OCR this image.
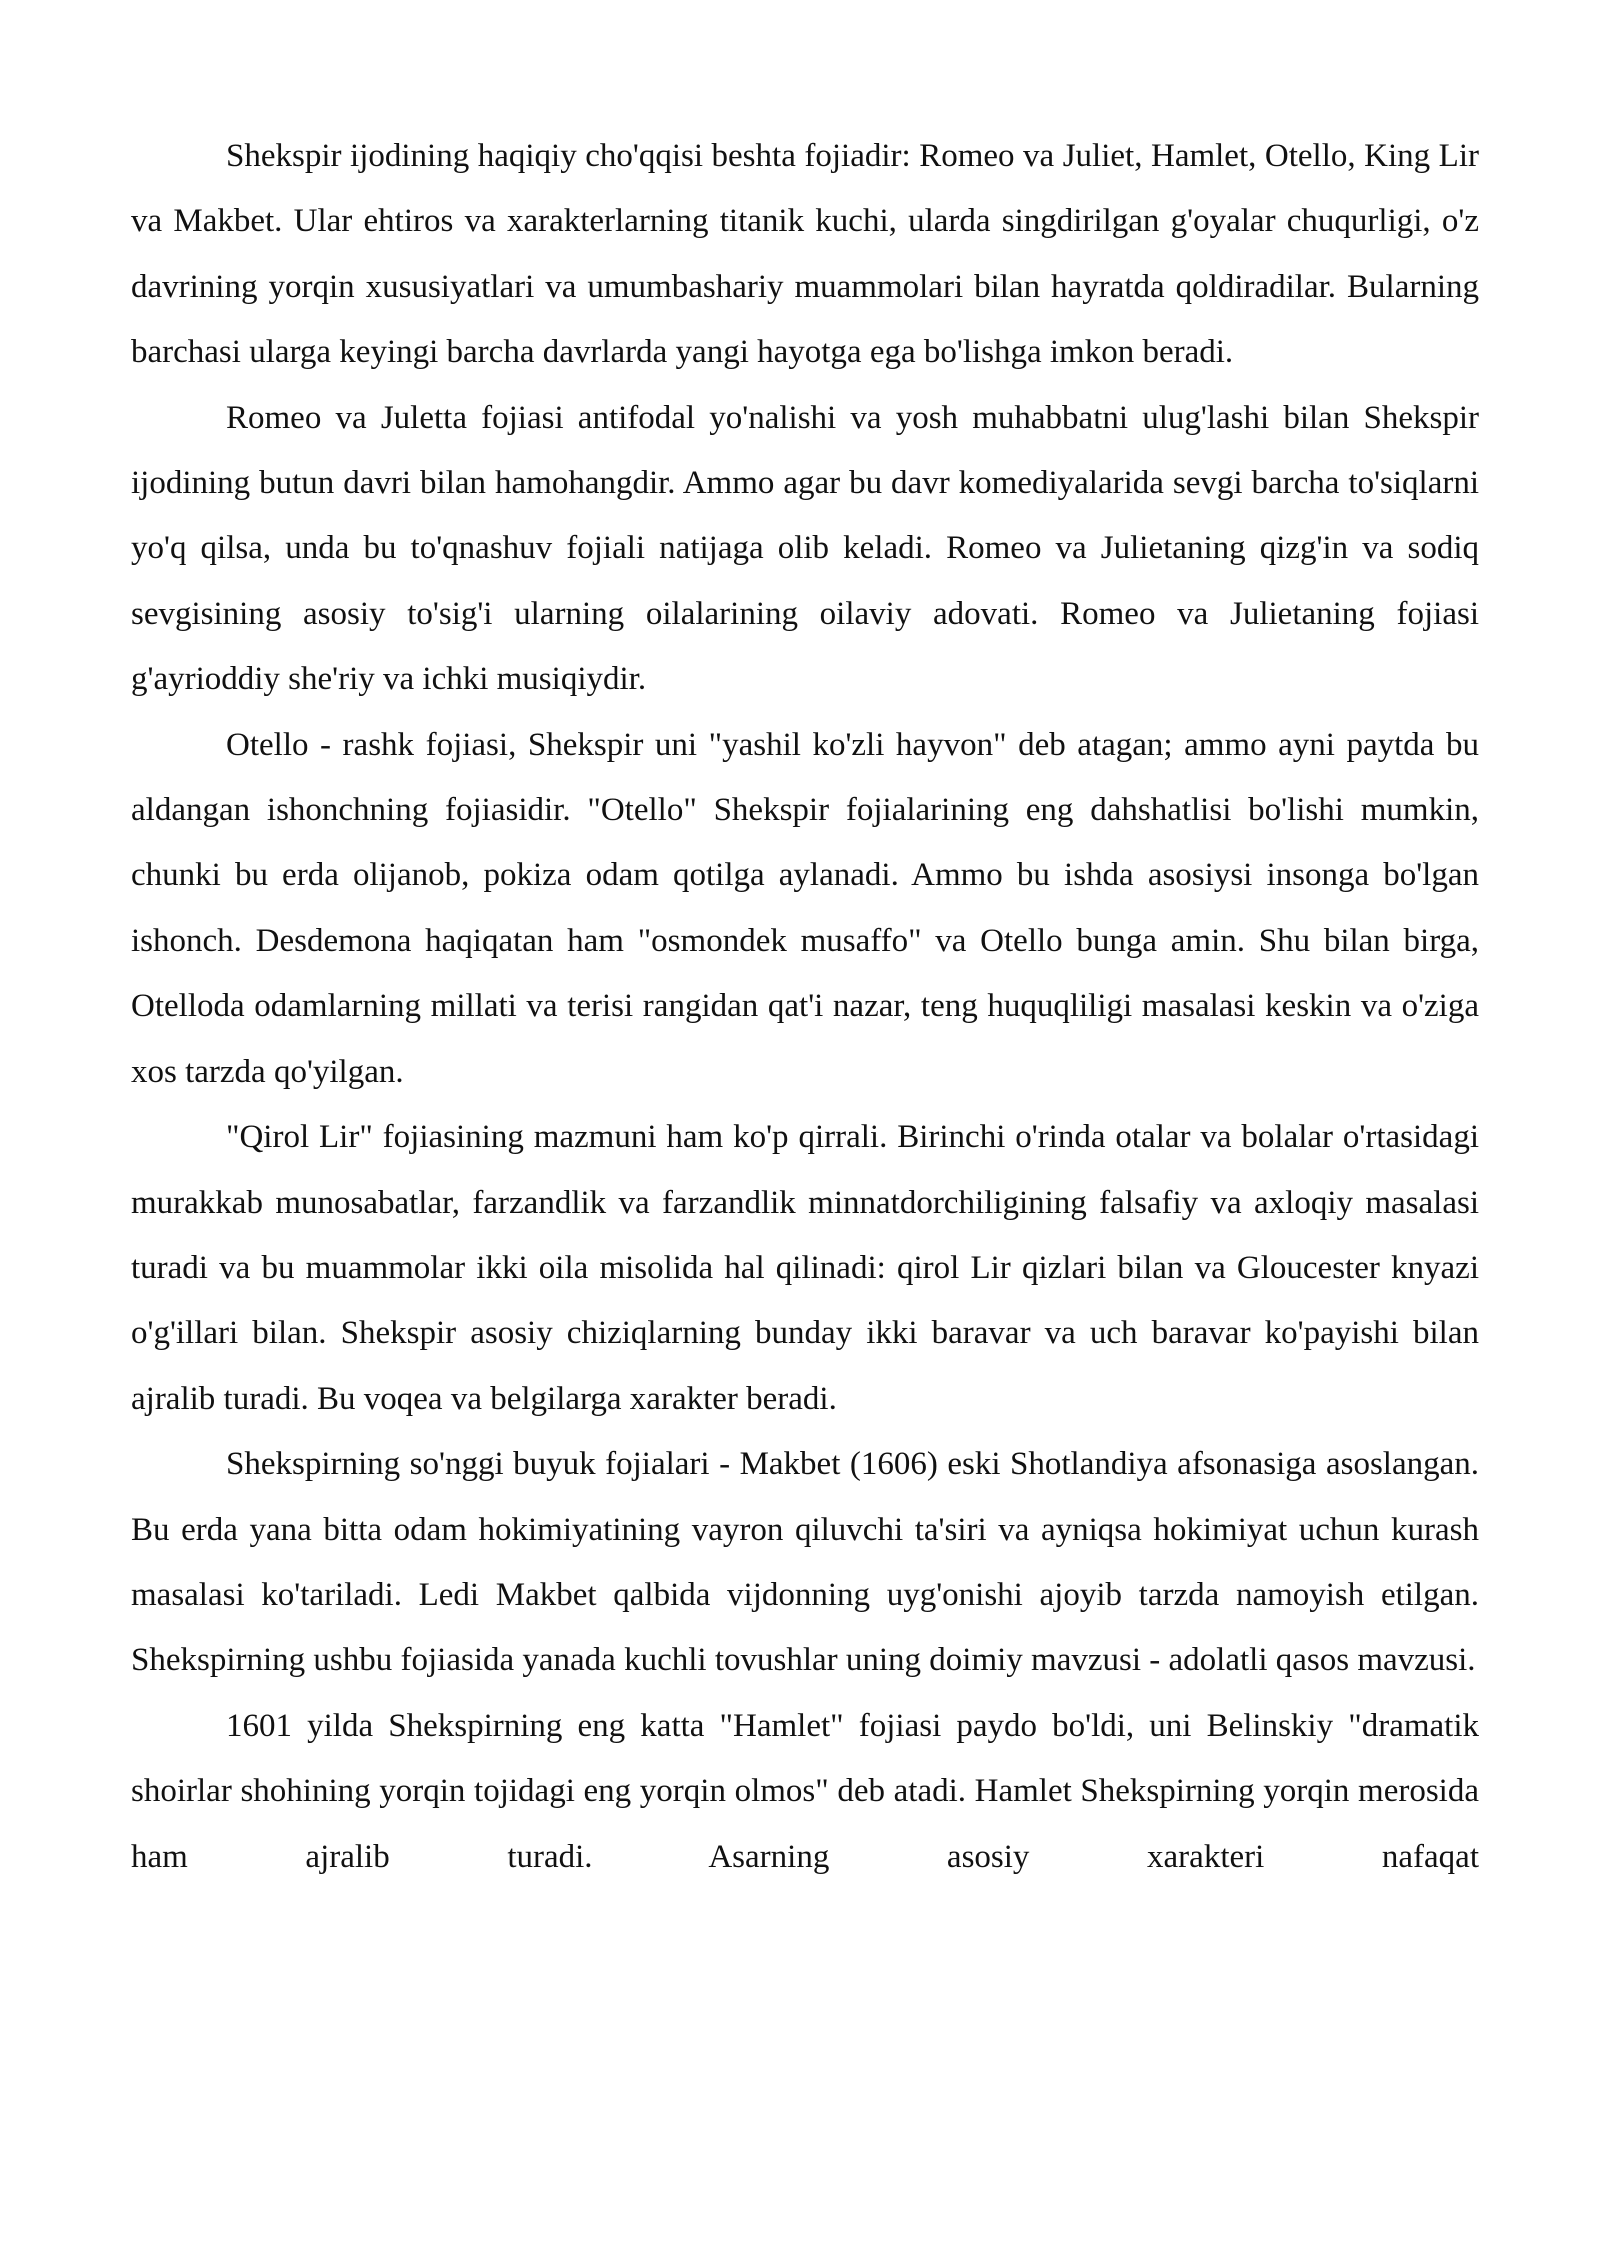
Shekspir ijodining haqiqiy cho'qqisi beshta fojiadir: Romeo va Juliet, Hamlet, Otello, King Lir va Makbet. Ular ehtiros va xarakterlarning titanik kuchi, ularda singdirilgan g'oyalar chuqurligi, o'z davrining yorqin xususiyatlari va umumbashariy muammolari bilan hayratda qoldiradilar. Bularning barchasi ularga keyingi barcha davrlarda yangi hayotga ega bo'lishga imkon beradi.

Romeo va Juletta fojiasi antifodal yo'nalishi va yosh muhabbatni ulug'lashi bilan Shekspir ijodining butun davri bilan hamohangdir. Ammo agar bu davr komediyalarida sevgi barcha to'siqlarni yo'q qilsa, unda bu to'qnashuv fojiali natijaga olib keladi. Romeo va Julietaning qizg'in va sodiq sevgisining asosiy to'sig'i ularning oilalarining oilaviy adovati. Romeo va Julietaning fojiasi g'ayrioddiy she'riy va ichki musiqiydir.

Otello - rashk fojiasi, Shekspir uni "yashil ko'zli hayvon" deb atagan; ammo ayni paytda bu aldangan ishonchning fojiasidir. "Otello" Shekspir fojialarining eng dahshatlisi bo'lishi mumkin, chunki bu erda olijanob, pokiza odam qotilga aylanadi. Ammo bu ishda asosiysi insonga bo'lgan ishonch. Desdemona haqiqatan ham "osmondek musaffo" va Otello bunga amin. Shu bilan birga, Otelloda odamlarning millati va terisi rangidan qat'i nazar, teng huquqliligi masalasi keskin va o'ziga xos tarzda qo'yilgan.

"Qirol Lir" fojiasining mazmuni ham ko'p qirrali. Birinchi o'rinda otalar va bolalar o'rtasidagi murakkab munosabatlar, farzandlik va farzandlik minnatdorchiligining falsafiy va axloqiy masalasi turadi va bu muammolar ikki oila misolida hal qilinadi: qirol Lir qizlari bilan va Gloucester knyazi o'g'illari bilan. Shekspir asosiy chiziqlarning bunday ikki baravar va uch baravar ko'payishi bilan ajralib turadi. Bu voqea va belgilarga xarakter beradi.

Shekspirning so'nggi buyuk fojialari - Makbet (1606) eski Shotlandiya afsonasiga asoslangan. Bu erda yana bitta odam hokimiyatining vayron qiluvchi ta'siri va ayniqsa hokimiyat uchun kurash masalasi ko'tariladi. Ledi Makbet qalbida vijdonning uyg'onishi ajoyib tarzda namoyish etilgan. Shekspirning ushbu fojiasida yanada kuchli tovushlar uning doimiy mavzusi - adolatli qasos mavzusi.

1601 yilda Shekspirning eng katta "Hamlet" fojiasi paydo bo'ldi, uni Belinskiy "dramatik shoirlar shohining yorqin tojidagi eng yorqin olmos" deb atadi. Hamlet Shekspirning yorqin merosida ham ajralib turadi. Asarning asosiy xarakteri nafaqat
